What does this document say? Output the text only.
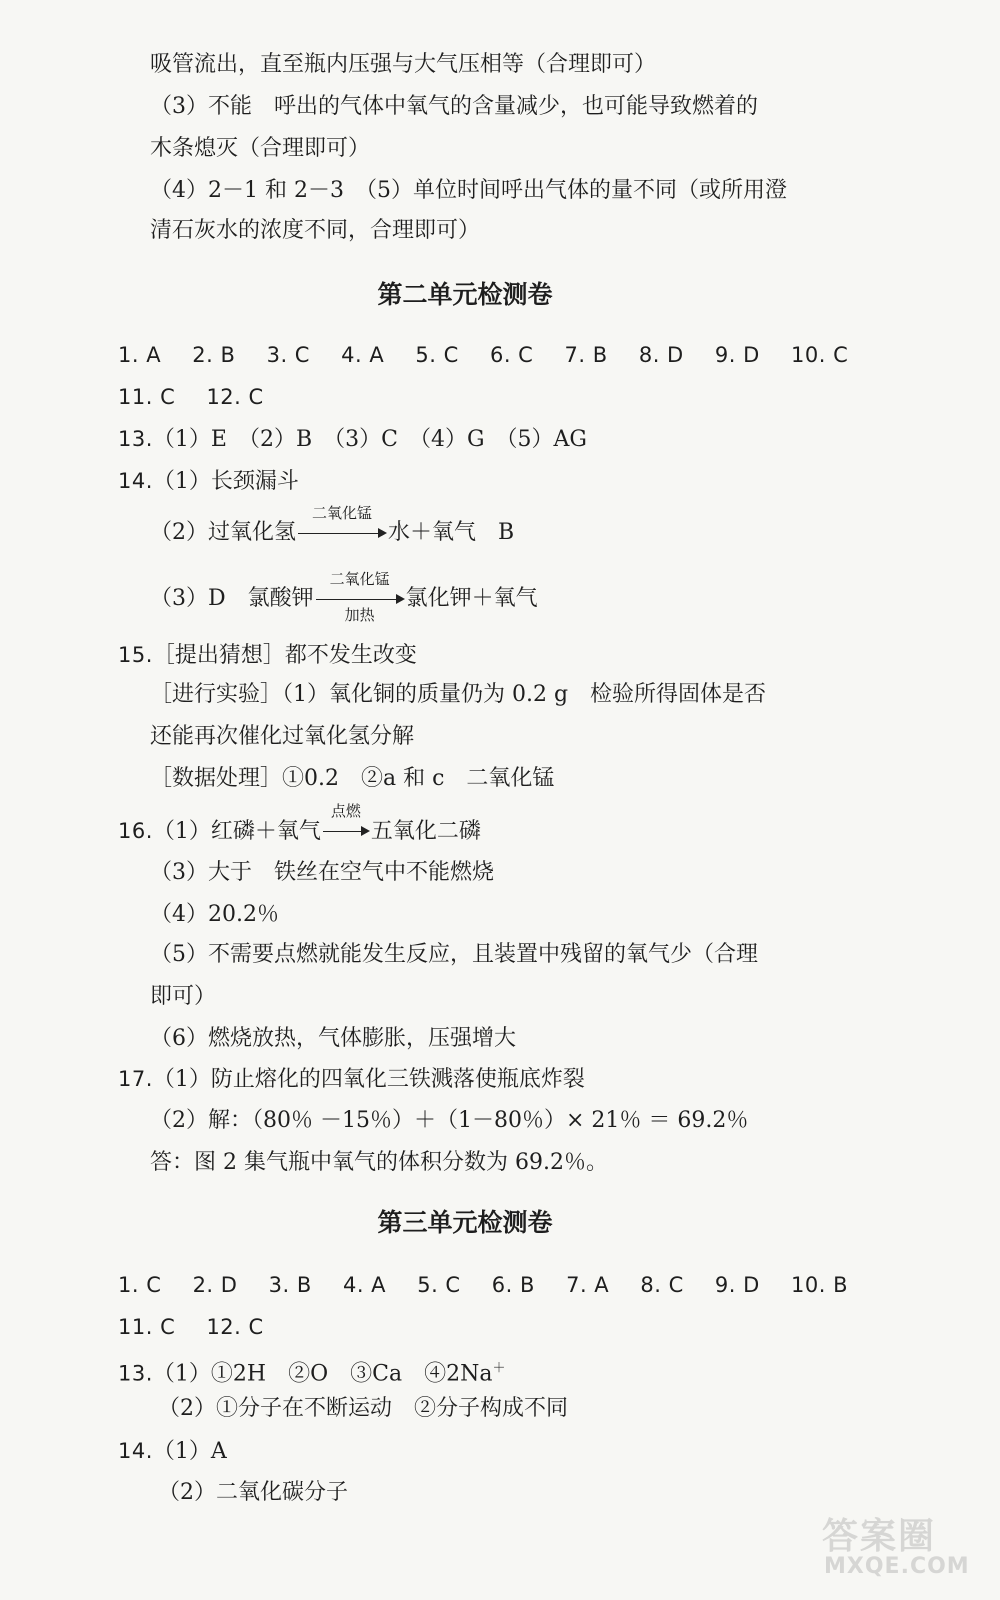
吸管流出，直至瓶内压强与大气压相等（合理即可）
（3）不能　呼出的气体中氧气的含量减少，也可能导致燃着的
木条熄灭（合理即可）
（4）2－1 和 2－3　（5）单位时间呼出气体的量不同（或所用澄
清石灰水的浓度不同，合理即可）
第二单元检测卷
1. A 2. B 3. C 4. A 5. C 6. C 7. B 8. D 9. D 10. C
11. C 12. C
13.（1）E　（2）B　（3）C　（4）G　（5）AG
14.（1）长颈漏斗
（2）过氧化氢
二氧化锰
水＋氧气　B
（3）D　氯酸钾
二氧化锰
加热
氯化钾＋氧气
15.［提出猜想］都不发生改变
［进行实验］（1）氧化铜的质量仍为 0.2 g　检验所得固体是否
还能再次催化过氧化氢分解
［数据处理］①0.2　②a 和 c　二氧化锰
16.（1）红磷＋氧气
点燃
五氧化二磷
（3）大于　铁丝在空气中不能燃烧
（4）20.2％
（5）不需要点燃就能发生反应，且装置中残留的氧气少（合理
即可）
（6）燃烧放热，气体膨胀，压强增大
17.（1）防止熔化的四氧化三铁溅落使瓶底炸裂
（2）解：（80％ －15％）＋（1－80％）× 21％ ＝ 69.2％
答：图 2 集气瓶中氧气的体积分数为 69.2％。
第三单元检测卷
1. C 2. D 3. B 4. A 5. C 6. B 7. A 8. C 9. D 10. B
11. C 12. C
13.（1）①2H　②O　③Ca　④2Na＋
（2）①分子在不断运动　②分子构成不同
14.（1）A
（2）二氧化碳分子
答案圈
MXQE.COM
